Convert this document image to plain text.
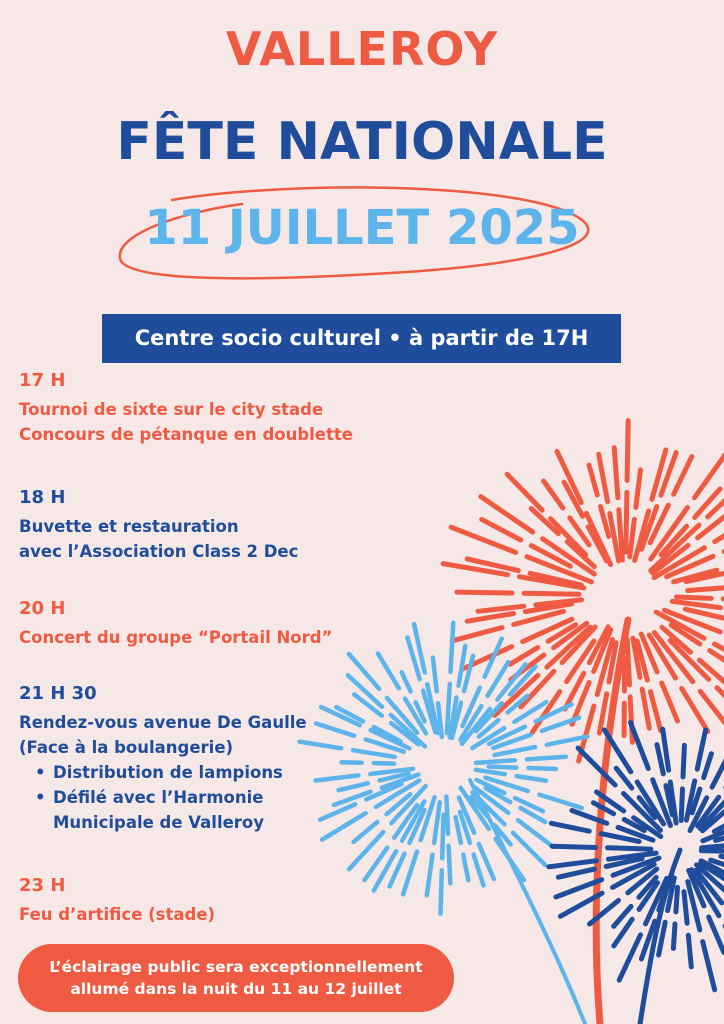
VALLEROY
FÊTE NATIONALE
11 JUILLET 2025
Centre socio culturel • à partir de 17H
17 H
Tournoi de sixte sur le city stade
Concours de pétanque en doublette
18 H
Buvette et restauration
avec l’Association Class 2 Dec
20 H
Concert du groupe “Portail Nord”
21 H 30
Rendez-vous avenue De Gaulle
(Face à la boulangerie)
• Distribution de lampions
• Défilé avec l’Harmonie
Municipale de Valleroy
23 H
Feu d’artifice (stade)
L’éclairage public sera exceptionnellement
allumé dans la nuit du 11 au 12 juillet
